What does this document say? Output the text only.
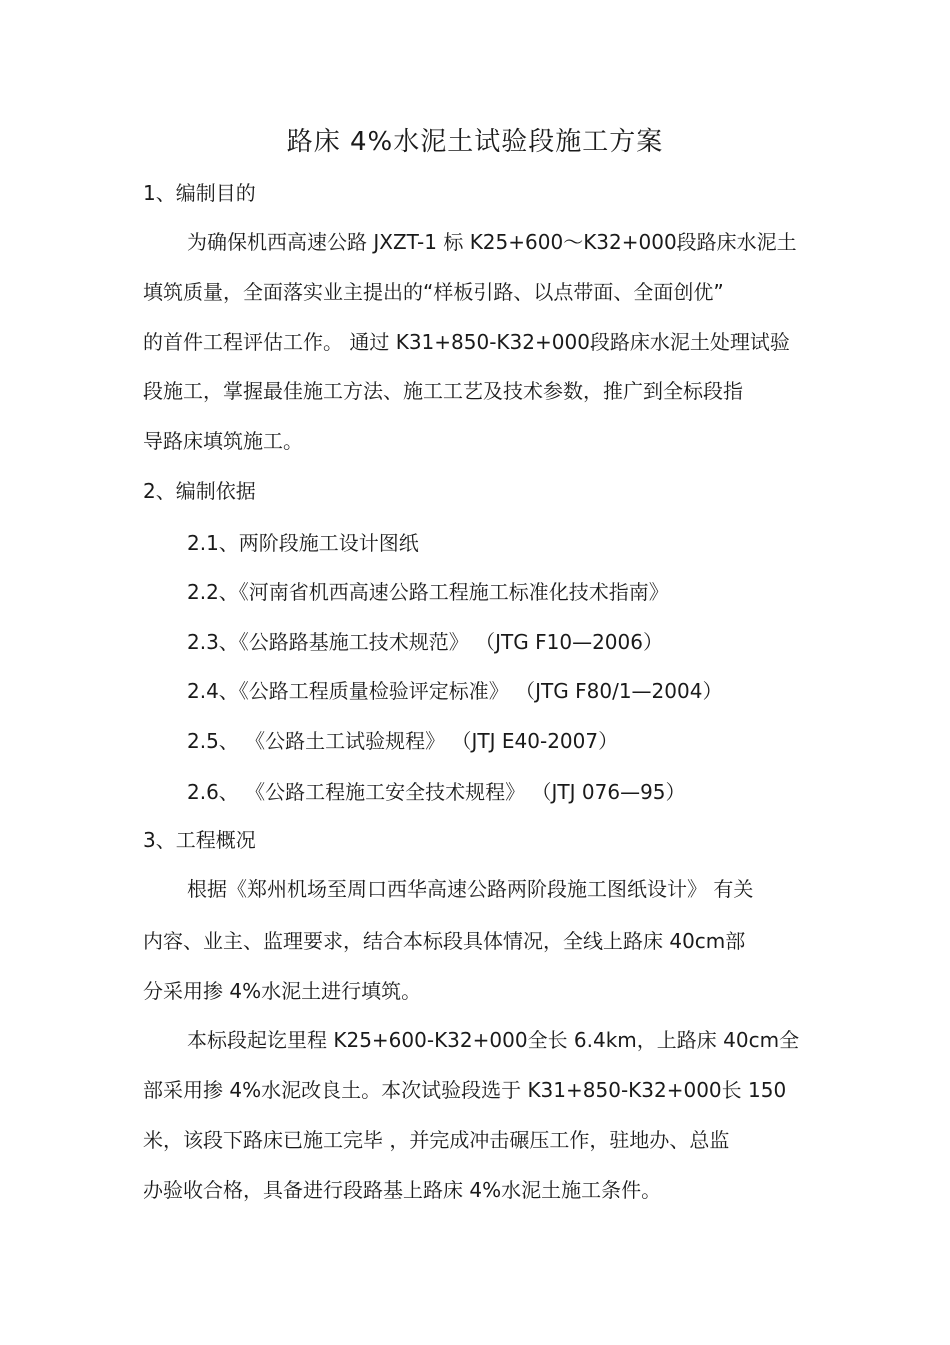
路床 4%水泥土试验段施工方案
1、编制目的
为确保机西高速公路 JXZT-1 标 K25+600～K32+000段路床水泥土
填筑质量，全面落实业主提出的“样板引路、以点带面、全面创优”
的首件工程评估工作。 通过 K31+850-K32+000段路床水泥土处理试验
段施工，掌握最佳施工方法、施工工艺及技术参数，推广到全标段指
导路床填筑施工。
2、编制依据
2.1、两阶段施工设计图纸
2.2、《河南省机西高速公路工程施工标准化技术指南》
2.3、《公路路基施工技术规范》 （JTG F10—2006）
2.4、《公路工程质量检验评定标准》 （JTG F80/1—2004）
2.5、 《公路土工试验规程》 （JTJ E40-2007）
2.6、 《公路工程施工安全技术规程》 （JTJ 076—95）
3、工程概况
根据《郑州机场至周口西华高速公路两阶段施工图纸设计》 有关
内容、业主、监理要求，结合本标段具体情况，全线上路床 40cm部
分采用掺 4%水泥土进行填筑。
本标段起讫里程 K25+600-K32+000全长 6.4km，上路床 40cm全
部采用掺 4%水泥改良土。本次试验段选于 K31+850-K32+000长 150
米，该段下路床已施工完毕 ，并完成冲击碾压工作，驻地办、总监
办验收合格，具备进行段路基上路床 4%水泥土施工条件。
